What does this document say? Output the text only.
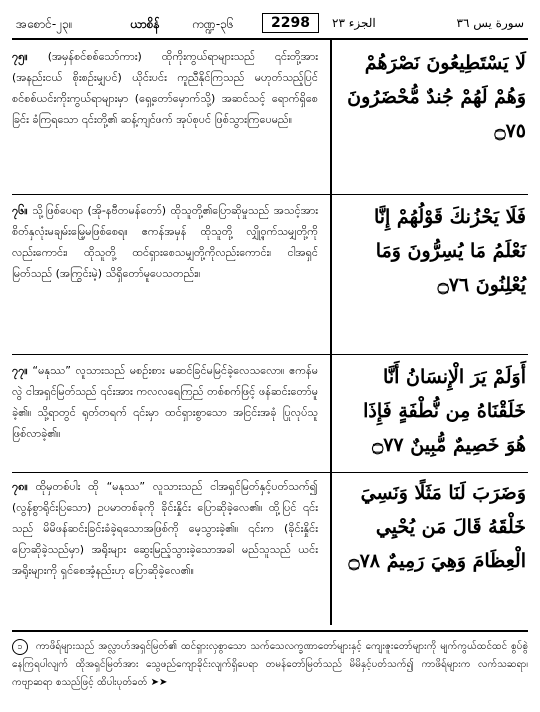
အစောင်-၂၃။	ယာစိန်	ကဏ္ဍ-၃၆	2298	الجزء ٢٣	سورة يس ٣٦
၇၅။ (အမှန်စင်စစ်သော်ကား) ထိုကိုးကွယ်ရာများသည် ၎င်းတို့အား (အနည်းငယ် စိုးစဉ်းမျှပင်) ယိုင်းပင်း ကူညီနိုင်ကြသည် မဟုတ်သည့်ပြင် စင်စစ်ယင်းကိုးကွယ်ရာများမှာ (ရှေ့တော်မှောက်သို့) အဆင်သင့် ရောက်ရှိစေခြင်း ခံကြရသော ၎င်းတို့၏ ဆန့်ကျင်ဖက် အုပ်စုပင် ဖြစ်သွားကြပေမည်။
لَا يَسْتَطِيعُونَ نَصْرَهُمْ وَهُمْ لَهُمْ جُندٌ مُّحْضَرُونَ ۝٧٥
၇၆။ သို့ဖြစ်ပေရာ (အို-နဗီတမန်တော်) ထိုသူတို့၏ပြောဆိုမှုသည် အသင့်အား စိတ်နှလုံးမချမ်းမြေ့မဖြစ်စေရ။ ဧကန်အမှန် ထိုသူတို့ လျှို့ဝှက်သမျှတို့ကိုလည်းကောင်း၊ ထိုသူတို့ ထင်ရှားစေသမျှတို့ကိုလည်းကောင်း၊ ငါအရှင်မြတ်သည် (အကြွင်းမဲ့) သိရှိတော်မူပေသတည်း။
فَلَا يَحْزُنكَ قَوْلُهُمْ إِنَّا نَعْلَمُ مَا يُسِرُّونَ وَمَا يُعْلِنُونَ ۝٧٦
၇၇။ “မနုဿ” လူသားသည် မစဉ်းစား မဆင်ခြင်မမြင်ခဲ့လေသလော။ ဧကန်မလွဲ ငါအရှင်မြတ်သည် ၎င်းအား ကလလရေကြည် တစ်စက်ဖြင့် ဖန်ဆင်းတော်မူခဲ့၏။ သို့ရာတွင် ရုတ်တရက် ၎င်းမှာ ထင်ရှားစွာသော အငြင်းအခုံ ပြုလုပ်သူဖြစ်လာခဲ့၏။
أَوَلَمْ يَرَ الْإِنسَانُ أَنَّا خَلَقْنَاهُ مِن نُّطْفَةٍ فَإِذَا هُوَ خَصِيمٌ مُّبِينٌ ۝٧٧
၇၈။ ထိုမှတစ်ပါး ထို “မနုဿ” လူသားသည် ငါအရှင်မြတ်နှင့်ပတ်သက်၍ (လွန်စွာရိုင်းပြသော) ဥပမာတစ်ခုကို ခိုင်းနှိုင်း ပြောဆိုခဲ့လေ၏။ ထို့ပြင် ၎င်းသည် မိမိဖန်ဆင်းခြင်းခံခဲ့ရသောအဖြစ်ကို မေ့သွားခဲ့၏။ ၎င်းက (ခိုင်းနှိုင်းပြောဆိုခဲ့သည်မှာ) အရိုးများ ဆွေးမြည့်သွားခဲ့သောအခါ မည်သူသည် ယင်းအရိုးများကို ရှင်စေအံ့နည်းဟု ပြောဆိုခဲ့လေ၏။
وَضَرَبَ لَنَا مَثَلًا وَنَسِيَ خَلْقَهُ قَالَ مَن يُحْيِي الْعِظَامَ وَهِيَ رَمِيمٌ ۝٧٨
၁ ကာဖိရ်များသည် အလ္လာဟ်အရှင်မြတ်၏ ထင်ရှားလှစွာသော သက်သေလက္ခဏာတော်များနှင့် ကျေးဇူးတော်များကို မျက်ကွယ်ထင်ထင် စွပ်စွဲနေကြရပါလျက် ထိုအရှင်မြတ်အား သွေဖည်ကျောခိုင်းလျက်ရှိပေရာ တမန်တော်မြတ်သည် မိမိနှင့်ပတ်သက်၍ ကာဖိရ်များက လက်သဆရာ၊ ကဗျာဆရာ စသည်ဖြင့် ထိပါးပုတ်ခတ် ➤➤
